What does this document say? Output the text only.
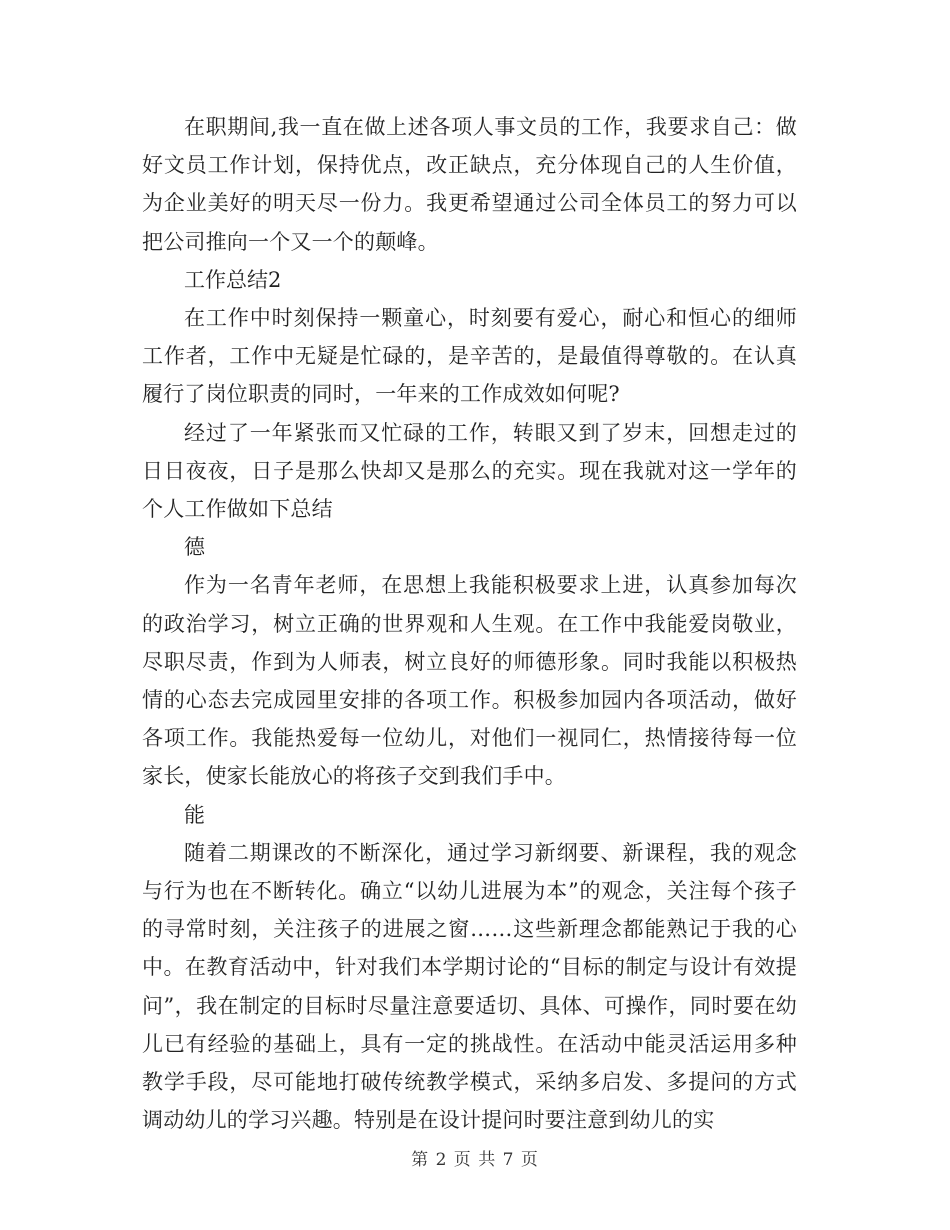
在职期间,我一直在做上述各项人事文员的工作，我要求自己：做好文员工作计划，保持优点，改正缺点，充分体现自己的人生价值，为企业美好的明天尽一份力。我更希望通过公司全体员工的努力可以把公司推向一个又一个的颠峰。

工作总结2

在工作中时刻保持一颗童心，时刻要有爱心，耐心和恒心的细师工作者，工作中无疑是忙碌的，是辛苦的，是最值得尊敬的。在认真履行了岗位职责的同时，一年来的工作成效如何呢?

经过了一年紧张而又忙碌的工作，转眼又到了岁末，回想走过的日日夜夜，日子是那么快却又是那么的充实。现在我就对这一学年的个人工作做如下总结

德

作为一名青年老师，在思想上我能积极要求上进，认真参加每次的政治学习，树立正确的世界观和人生观。在工作中我能爱岗敬业，尽职尽责，作到为人师表，树立良好的师德形象。同时我能以积极热情的心态去完成园里安排的各项工作。积极参加园内各项活动，做好各项工作。我能热爱每一位幼儿，对他们一视同仁，热情接待每一位家长，使家长能放心的将孩子交到我们手中。

能

随着二期课改的不断深化，通过学习新纲要、新课程，我的观念与行为也在不断转化。确立“以幼儿进展为本”的观念，关注每个孩子的寻常时刻，关注孩子的进展之窗……这些新理念都能熟记于我的心中。在教育活动中，针对我们本学期讨论的“目标的制定与设计有效提问”，我在制定的目标时尽量注意要适切、具体、可操作，同时要在幼儿已有经验的基础上，具有一定的挑战性。在活动中能灵活运用多种教学手段，尽可能地打破传统教学模式，采纳多启发、多提问的方式调动幼儿的学习兴趣。特别是在设计提问时要注意到幼儿的实

第 2 页 共 7 页
